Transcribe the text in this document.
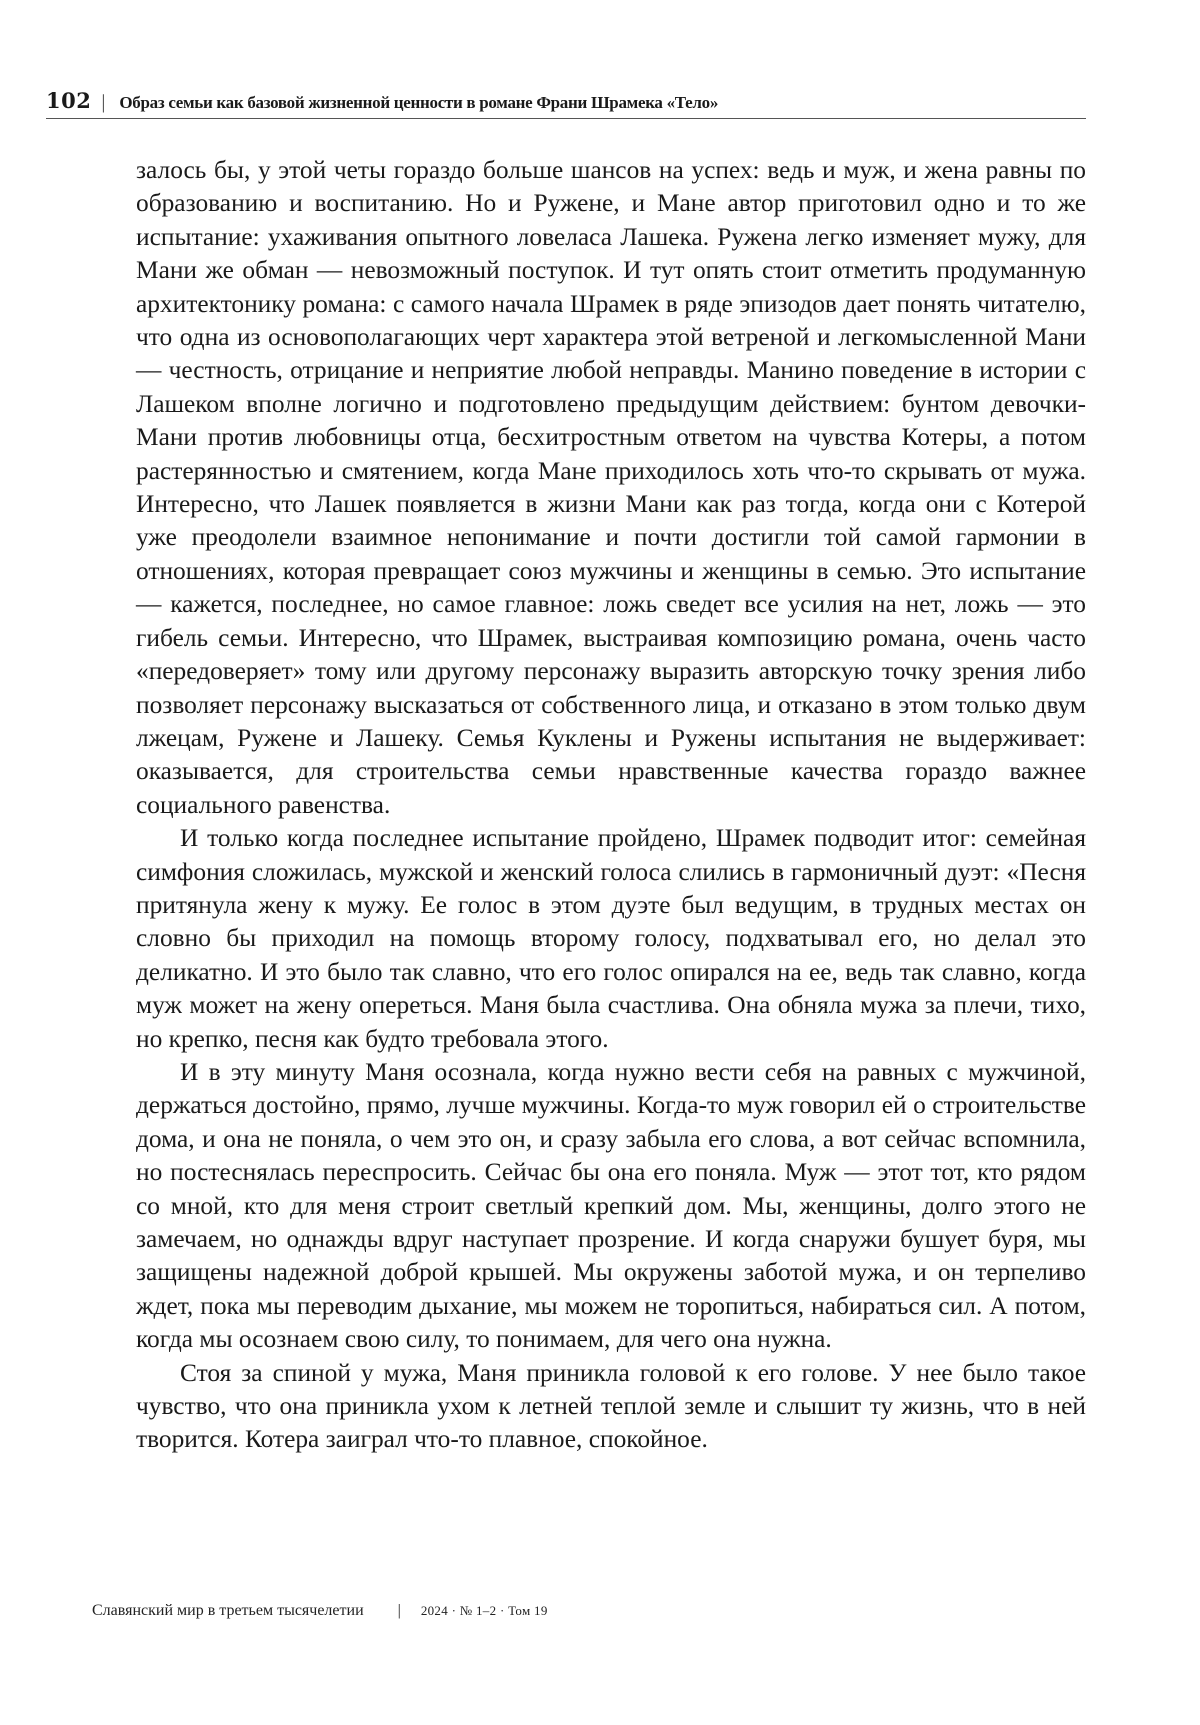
102 | Образ семьи как базовой жизненной ценности в романе Франи Шрамека «Тело»

залось бы, у этой четы гораздо больше шансов на успех: ведь и муж, и жена равны по образованию и воспитанию. Но и Ружене, и Мане автор приготовил одно и то же испытание: ухаживания опытного ловеласа Лашека. Ружена легко изменяет мужу, для Мани же обман — невозможный поступок. И тут опять стоит отметить продуманную архитектонику романа: с самого начала Шрамек в ряде эпизодов дает понять читателю, что одна из основополагающих черт характера этой ветреной и легкомысленной Мани — честность, отрицание и неприятие любой неправды. Манино поведение в истории с Лашеком вполне логично и подготовлено предыдущим действием: бунтом девочки-Мани против любовницы отца, бесхитростным ответом на чувства Котеры, а потом растерянностью и смятением, когда Мане приходилось хоть что-то скрывать от мужа. Интересно, что Лашек появляется в жизни Мани как раз тогда, когда они с Котерой уже преодолели взаимное непонимание и почти достигли той самой гармонии в отношениях, которая превращает союз мужчины и женщины в семью. Это испытание — кажется, последнее, но самое главное: ложь сведет все усилия на нет, ложь — это гибель семьи. Интересно, что Шрамек, выстраивая композицию романа, очень часто «передоверяет» тому или другому персонажу выразить авторскую точку зрения либо позволяет персонажу высказаться от собственного лица, и отказано в этом только двум лжецам, Ружене и Лашеку. Семья Куклены и Ружены испытания не выдерживает: оказывается, для строительства семьи нравственные качества гораздо важнее социального равенства.

И только когда последнее испытание пройдено, Шрамек подводит итог: семейная симфония сложилась, мужской и женский голоса слились в гармоничный дуэт: «Песня притянула жену к мужу. Ее голос в этом дуэте был ведущим, в трудных местах он словно бы приходил на помощь второму голосу, подхватывал его, но делал это деликатно. И это было так славно, что его голос опирался на ее, ведь так славно, когда муж может на жену опереться. Маня была счастлива. Она обняла мужа за плечи, тихо, но крепко, песня как будто требовала этого.

И в эту минуту Маня осознала, когда нужно вести себя на равных с мужчиной, держаться достойно, прямо, лучше мужчины. Когда-то муж говорил ей о строительстве дома, и она не поняла, о чем это он, и сразу забыла его слова, а вот сейчас вспомнила, но постеснялась переспросить. Сейчас бы она его поняла. Муж — этот тот, кто рядом со мной, кто для меня строит светлый крепкий дом. Мы, женщины, долго этого не замечаем, но однажды вдруг наступает прозрение. И когда снаружи бушует буря, мы защищены надежной доброй крышей. Мы окружены заботой мужа, и он терпеливо ждет, пока мы переводим дыхание, мы можем не торопиться, набираться сил. А потом, когда мы осознаем свою силу, то понимаем, для чего она нужна.

Стоя за спиной у мужа, Маня приникла головой к его голове. У нее было такое чувство, что она приникла ухом к летней теплой земле и слышит ту жизнь, что в ней творится. Котера заиграл что-то плавное, спокойное.

Славянский мир в третьем тысячелетии | 2024 · № 1–2 · Том 19
